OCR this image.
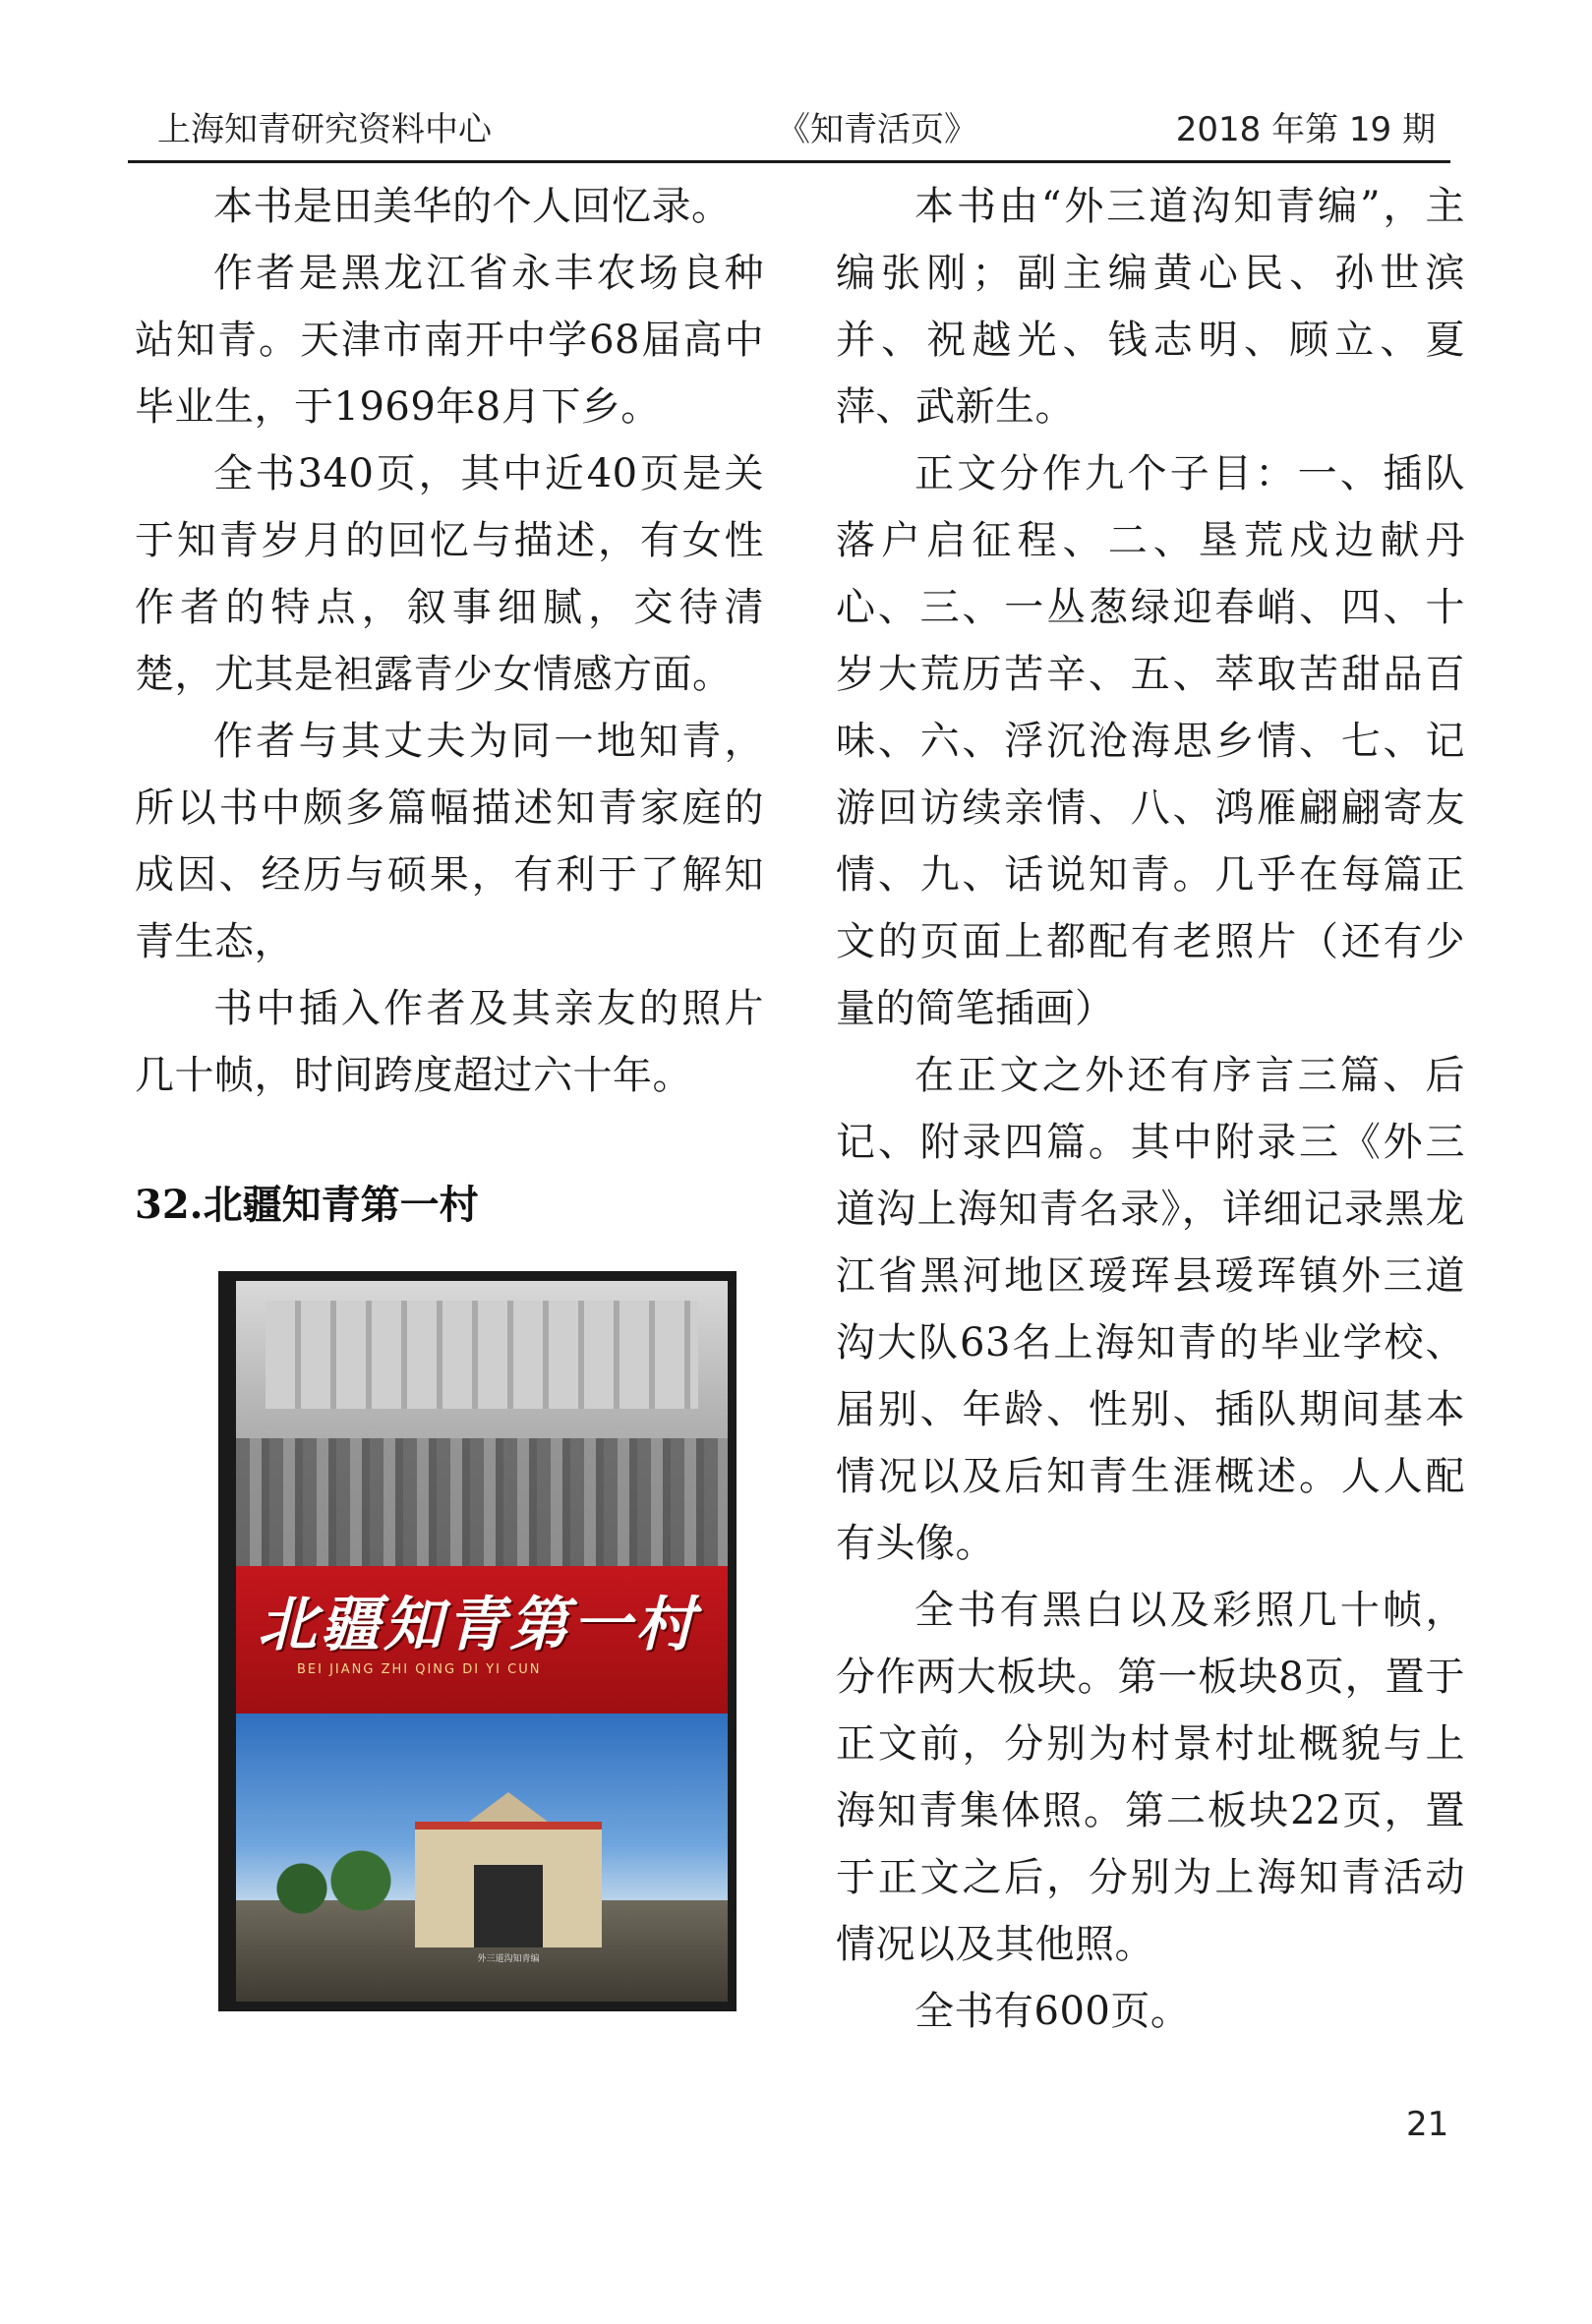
上海知青研究资料中心	《知青活页》	2018 年第 19 期

本书是田美华的个人回忆录。

作者是黑龙江省永丰农场良种站知青。天津市南开中学68届高中毕业生，于1969年8月下乡。

全书340页，其中近40页是关于知青岁月的回忆与描述，有女性作者的特点，叙事细腻，交待清楚，尤其是袒露青少女情感方面。

作者与其丈夫为同一地知青，所以书中颇多篇幅描述知青家庭的成因、经历与硕果，有利于了解知青生态，

书中插入作者及其亲友的照片几十帧，时间跨度超过六十年。

32.北疆知青第一村
北疆知青第一村
BEI JIANG ZHI QING DI YI CUN
外三道沟知青编

本书由“外三道沟知青编”，主编张刚；副主编黄心民、孙世滨并、祝越光、钱志明、顾立、夏萍、武新生。

正文分作九个子目：一、插队落户启征程、二、垦荒戍边献丹心、三、一丛葱绿迎春峭、四、十岁大荒历苦辛、五、萃取苦甜品百味、六、浮沉沧海思乡情、七、记游回访续亲情、八、鸿雁翩翩寄友情、九、话说知青。几乎在每篇正文的页面上都配有老照片（还有少量的简笔插画）

在正文之外还有序言三篇、后记、附录四篇。其中附录三《外三道沟上海知青名录》，详细记录黑龙江省黑河地区瑷珲县瑷珲镇外三道沟大队63名上海知青的毕业学校、届别、年龄、性别、插队期间基本情况以及后知青生涯概述。人人配有头像。

全书有黑白以及彩照几十帧，分作两大板块。第一板块8页，置于正文前，分别为村景村址概貌与上海知青集体照。第二板块22页，置于正文之后，分别为上海知青活动情况以及其他照。

全书有600页。

21
